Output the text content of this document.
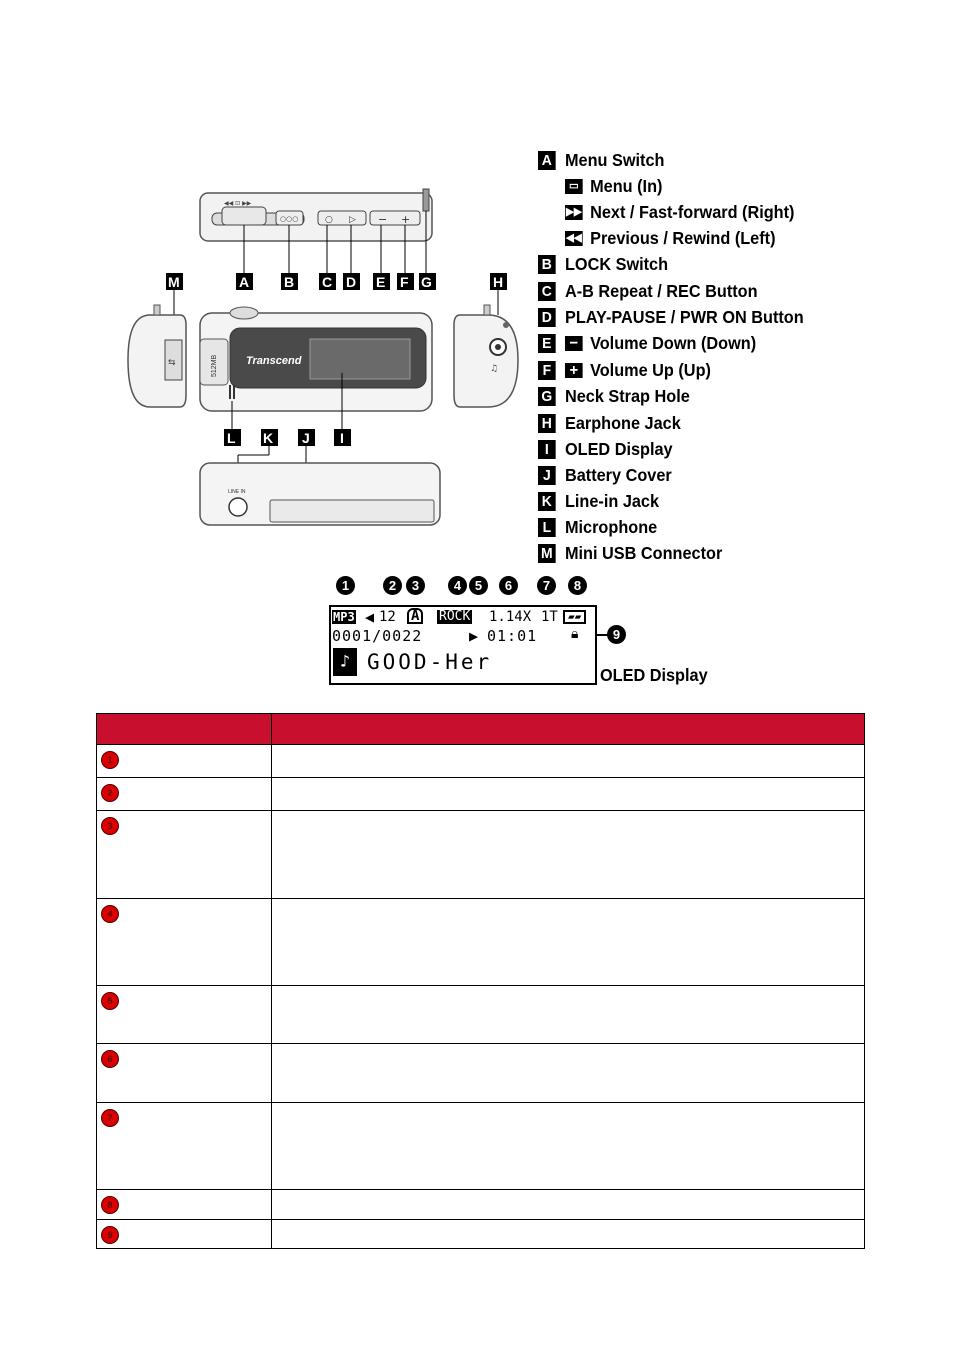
◀◀ ⊡ ▶▶
○○○	○ ▷ − +
M	A B C D E F G	H
⇆	512MB	Transcend
♫
L K J I
LINE IN
A Menu Switch
▭ Menu (In)
▶▶ Next / Fast-forward (Right)
◀◀ Previous / Rewind (Left)
B LOCK Switch
C A-B Repeat / REC Button
D PLAY-PAUSE / PWR ON Button
E − Volume Down (Down)
F + Volume Up (Up)
G Neck Strap Hole
H Earphone Jack
I OLED Display
J Battery Cover
K Line-in Jack
L Microphone
M Mini USB Connector
1	2	3	4	5	6	7	8
9
MP3 ◀ 12 A	ROCK 1.14X 1T ▰▰
0001/0022	▶ 01:01 🔒︎
♪ GOOD-Her
OLED Display

1	
2	
3	
4	
5	
6	
7	
8	
9	
